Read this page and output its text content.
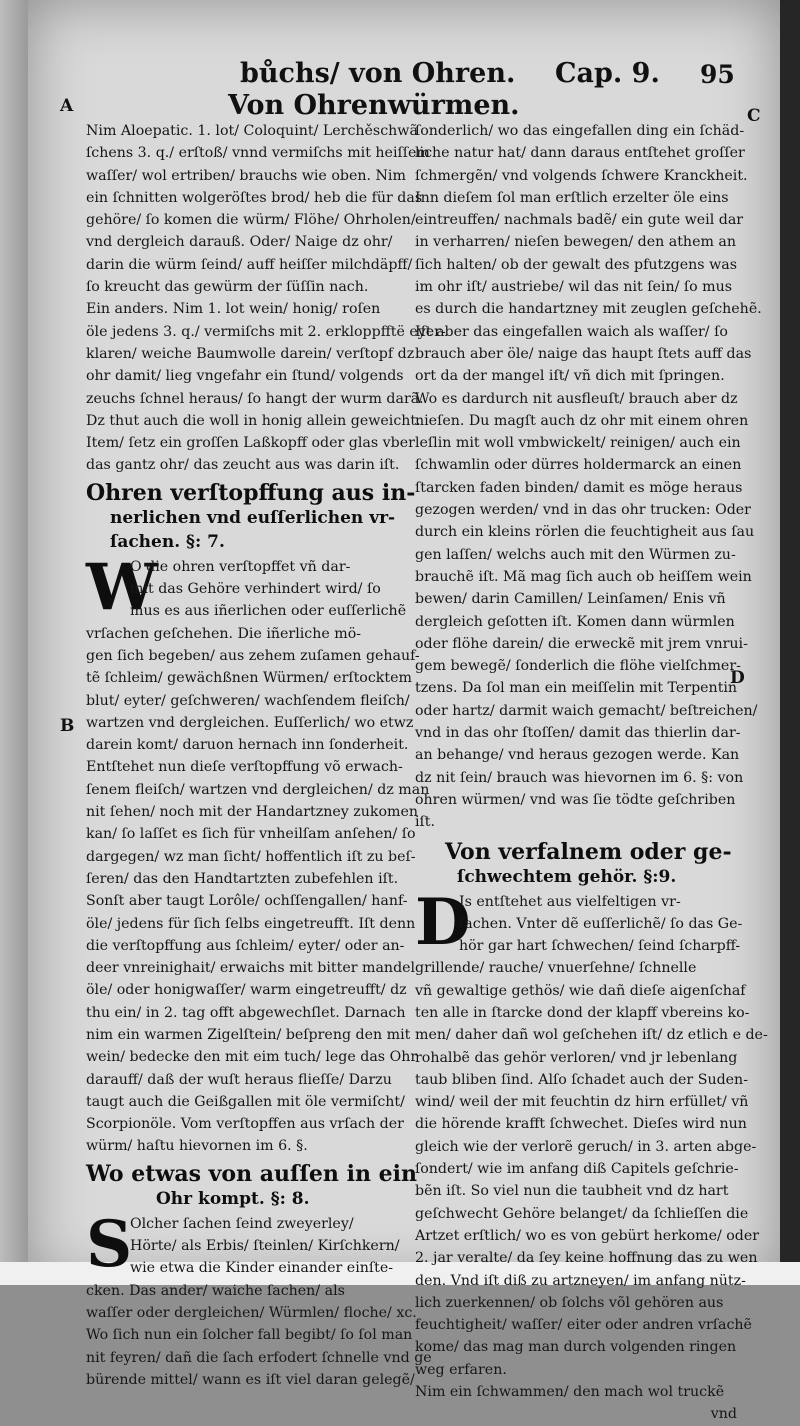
bůchs/ von Ohren. Cap. 9. 95
Von Ohrenwürmen.
A
B
C
D
Nim Aloepatic. 1. lot/ Coloquint/ Lerchěschwã
ſchens 3. q./ erſtoß/ vnnd vermiſchs mit heiſſem
waſſer/ wol ertriben/ brauchs wie oben. Nim
ein ſchnitten wolgeröſtes brod/ heb die für das
gehöre/ ſo komen die würm/ Flöhe/ Ohrholen/
vnd dergleich darauß. Oder/ Naige dz ohr/
darin die würm ſeind/ auff heiſſer milchdäpff/
ſo kreucht das gewürm der ſüſſin nach.
Ein anders. Nim 1. lot wein/ honig/ roſen
öle jedens 3. q./ vermiſchs mit 2. erkloppfftë eyer-
klaren/ weiche Baumwolle darein/ verſtopf dz
ohr damit/ lieg vngefahr ein ſtund/ volgends
zeuchs ſchnel heraus/ ſo hangt der wurm darã.
Dz thut auch die woll in honig allein geweicht.
Item/ ſetz ein groſſen Laßkopff oder glas vber
das gantz ohr/ das zeucht aus was darin iſt.
Ohren verſtopffung aus in-
nerlichen vnd euſſerlichen vr-
ſachen. §: 7.
W
O die ohren verſtopffet vñ dar-
mit das Gehöre verhindert wird/ ſo
mus es aus iñerlichen oder euſſerlichẽ
vrſachen geſchehen. Die iñerliche mö-
gen ſich begeben/ aus zehem zuſamen gehauf-
tẽ ſchleim/ gewächßnen Würmen/ erſtocktem
blut/ eyter/ geſchweren/ wachſendem fleiſch/
wartzen vnd dergleichen. Euſſerlich/ wo etwz
darein komt/ daruon hernach inn ſonderheit.
Entſtehet nun dieſe verſtopffung võ erwach-
ſenem fleiſch/ wartzen vnd dergleichen/ dz man
nit ſehen/ noch mit der Handartzney zukomen
kan/ ſo laſſet es ſich für vnheilſam anſehen/ ſo
dargegen/ wz man ſicht/ hoffentlich iſt zu beſ-
ſeren/ das den Handtartzten zubefehlen iſt.
Sonſt aber taugt Lorôle/ ochſſengallen/ hanf-
öle/ jedens für ſich ſelbs eingetreufft. Iſt denn
die verſtopffung aus ſchleim/ eyter/ oder an-
deer vnreinighait/ erwaichs mit bitter mandel
öle/ oder honigwaſſer/ warm eingetreufft/ dz
thu ein/ in 2. tag offt abgewechſlet. Darnach
nim ein warmen Zigelſtein/ beſpreng den mit
wein/ bedecke den mit eim tuch/ lege das Ohr
darauff/ daß der wuſt heraus flieſſe/ Darzu
taugt auch die Geißgallen mit öle vermiſcht/
Scorpionöle. Vom verſtopffen aus vrſach der
würm/ haſtu hievornen im 6. §.
Wo etwas von auſſen in ein
Ohr kompt. §: 8.
S
Olcher ſachen ſeind zweyerley/
Hörte/ als Erbis/ ſteinlen/ Kirſchkern/
wie etwa die Kinder einander einſte-
cken. Das ander/ waiche ſachen/ als
waſſer oder dergleichen/ Würmlen/ floche/ xc.
Wo ſich nun ein ſolcher fall begibt/ ſo ſol man
nit feyren/ dañ die ſach erfodert ſchnelle vnd ge
bürende mittel/ wann es iſt viel daran gelegẽ/
ſonderlich/ wo das eingefallen ding ein ſchäd-
liche natur hat/ dann daraus entſtehet groſſer
ſchmergẽn/ vnd volgends ſchwere Kranckheit.
Inn dieſem ſol man erſtlich erzelter öle eins
eintreuffen/ nachmals badẽ/ ein gute weil dar
in verharren/ nieſen bewegen/ den athem an
ſich halten/ ob der gewalt des pfutzgens was
im ohr iſt/ austriebe/ wil das nit ſein/ ſo mus
es durch die handartzney mit zeuglen geſchehẽ.
Iſt aber das eingefallen waich als waſſer/ ſo
brauch aber öle/ naige das haupt ſtets auff das
ort da der mangel iſt/ vñ dich mit ſpringen.
Wo es dardurch nit ausfleuſt/ brauch aber dz
nieſen. Du magſt auch dz ohr mit einem ohren
leſlin mit woll vmbwickelt/ reinigen/ auch ein
ſchwamlin oder dürres holdermarck an einen
ſtarcken faden binden/ damit es möge heraus
gezogen werden/ vnd in das ohr trucken: Oder
durch ein kleins rörlen die feuchtigheit aus ſau
gen laſſen/ welchs auch mit den Würmen zu-
brauchẽ iſt. Mã mag ſich auch ob heiſſem wein
bewen/ darin Camillen/ Leinſamen/ Enis vñ
dergleich geſotten iſt. Komen dann würmlen
oder flöhe darein/ die erweckẽ mit jrem vnrui-
gem bewegẽ/ ſonderlich die flöhe vielſchmer-
tzens. Da ſol man ein meiſſelin mit Terpentin
oder hartz/ darmit waich gemacht/ beſtreichen/
vnd in das ohr ſtoſſen/ damit das thierlin dar-
an behange/ vnd heraus gezogen werde. Kan
dz nit ſein/ brauch was hievornen im 6. §: von
ohren würmen/ vnd was ſie tödte geſchriben
iſt.
Von verfalnem oder ge-
ſchwechtem gehör. §:9.
D
Is entſtehet aus vielfeltigen vr-
ſachen. Vnter dẽ euſſerlichẽ/ ſo das Ge-
hör gar hart ſchwechen/ ſeind ſcharpff-
grillende/ rauche/ vnuerſehne/ ſchnelle
vñ gewaltige gethös/ wie dañ dieſe aigenſchaf
ten alle in ſtarcke dond der klapff vbereins ko-
men/ daher dañ wol geſchehen iſt/ dz etlich e de-
rohalbẽ das gehör verloren/ vnd jr lebenlang
taub bliben ſind. Alſo ſchadet auch der Suden-
wind/ weil der mit feuchtin dz hirn erfüllet/ vñ
die hörende krafft ſchwechet. Dieſes wird nun
gleich wie der verlorẽ geruch/ in 3. arten abge-
ſondert/ wie im anfang diß Capitels geſchrie-
bẽn iſt. So viel nun die taubheit vnd dz hart
geſchwecht Gehöre belanget/ da ſchlieſſen die
Artzet erſtlich/ wo es von gebürt herkome/ oder
2. jar veralte/ da ſey keine hoffnung das zu wen
den. Vnd iſt diß zu artzneyen/ im anfang nütz-
lich zuerkennen/ ob ſolchs võl gehören aus
feuchtigheit/ waſſer/ eiter oder andren vrſachẽ
kome/ das mag man durch volgenden ringen
weg erfaren.
Nim ein ſchwammen/ den mach wol truckẽ
vnd
